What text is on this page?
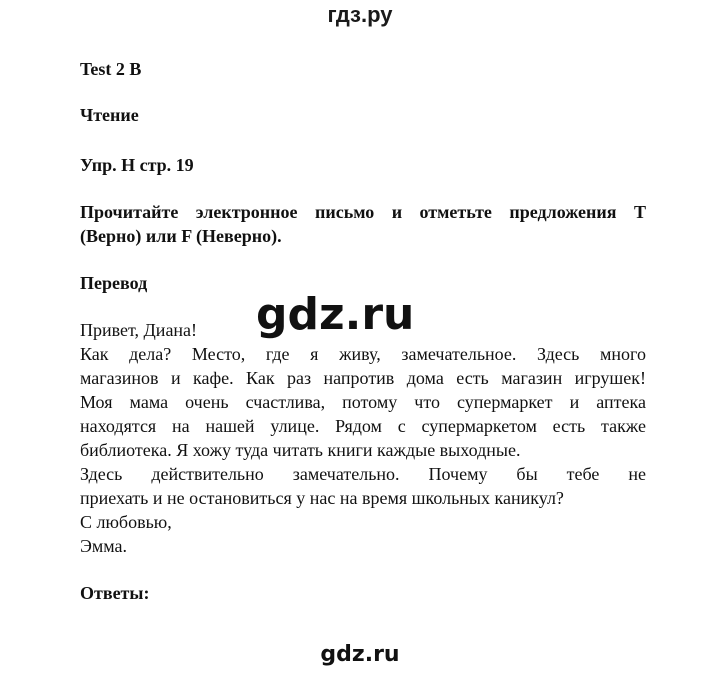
гдз.ру
Test 2 B
Чтение
Упр. Н стр. 19
Прочитайте электронное письмо и отметьте предложения T
(Верно) или F (Неверно).
Перевод
Привет, Диана!
Как дела? Место, где я живу, замечательное. Здесь много
магазинов и кафе. Как раз напротив дома есть магазин игрушек!
Моя мама очень счастлива, потому что супермаркет и аптека
находятся на нашей улице. Рядом с супермаркетом есть также
библиотека. Я хожу туда читать книги каждые выходные.
Здесь действительно замечательно. Почему бы тебе не
приехать и не остановиться у нас на время школьных каникул?
С любовью,
Эмма.
Ответы:
gdz.ru
gdz.ru
